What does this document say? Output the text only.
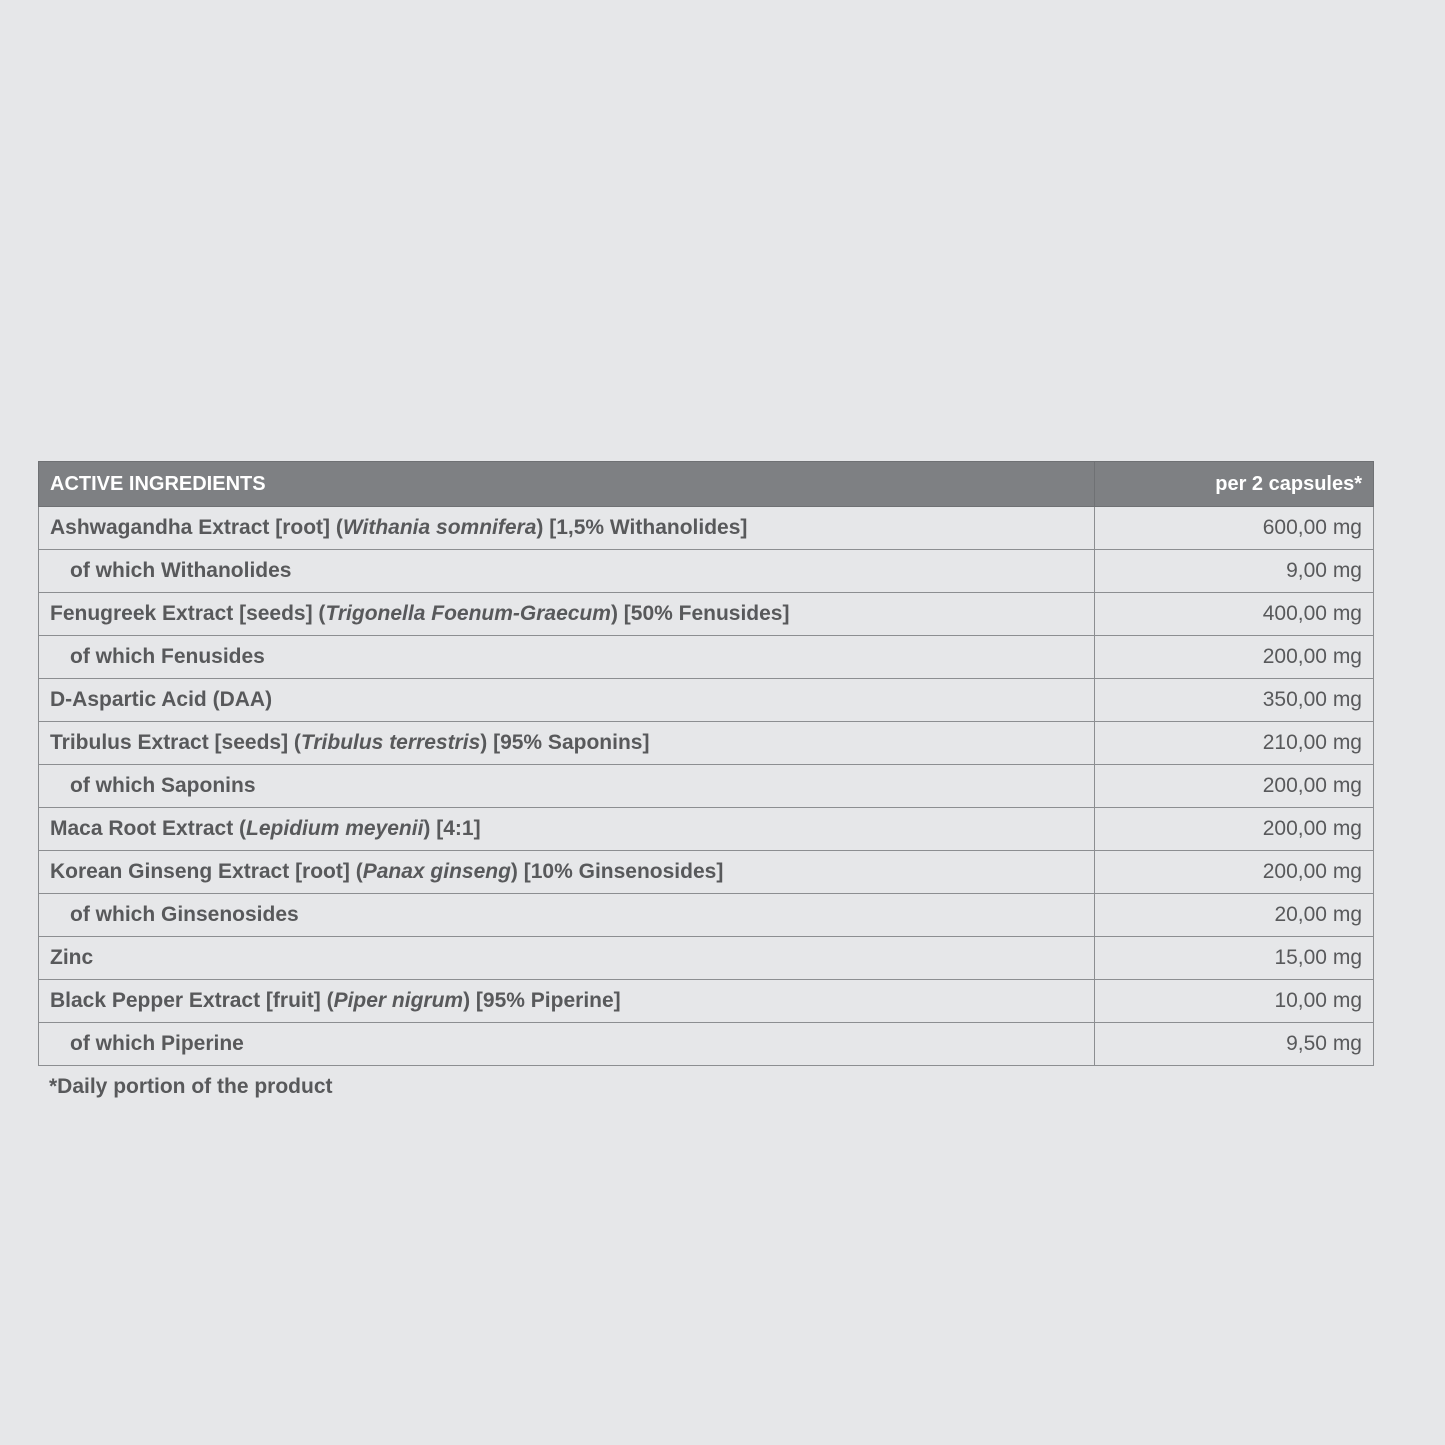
ACTIVE INGREDIENTS	per 2 capsules*
Ashwagandha Extract [root] (Withania somnifera) [1,5% Withanolides]	600,00 mg
of which Withanolides	9,00 mg
Fenugreek Extract [seeds] (Trigonella Foenum-Graecum) [50% Fenusides]	400,00 mg
of which Fenusides	200,00 mg
D-Aspartic Acid (DAA)	350,00 mg
Tribulus Extract [seeds] (Tribulus terrestris) [95% Saponins]	210,00 mg
of which Saponins	200,00 mg
Maca Root Extract (Lepidium meyenii) [4:1]	200,00 mg
Korean Ginseng Extract [root] (Panax ginseng) [10% Ginsenosides]	200,00 mg
of which Ginsenosides	20,00 mg
Zinc	15,00 mg
Black Pepper Extract [fruit] (Piper nigrum) [95% Piperine]	10,00 mg
of which Piperine	9,50 mg
*Daily portion of the product
